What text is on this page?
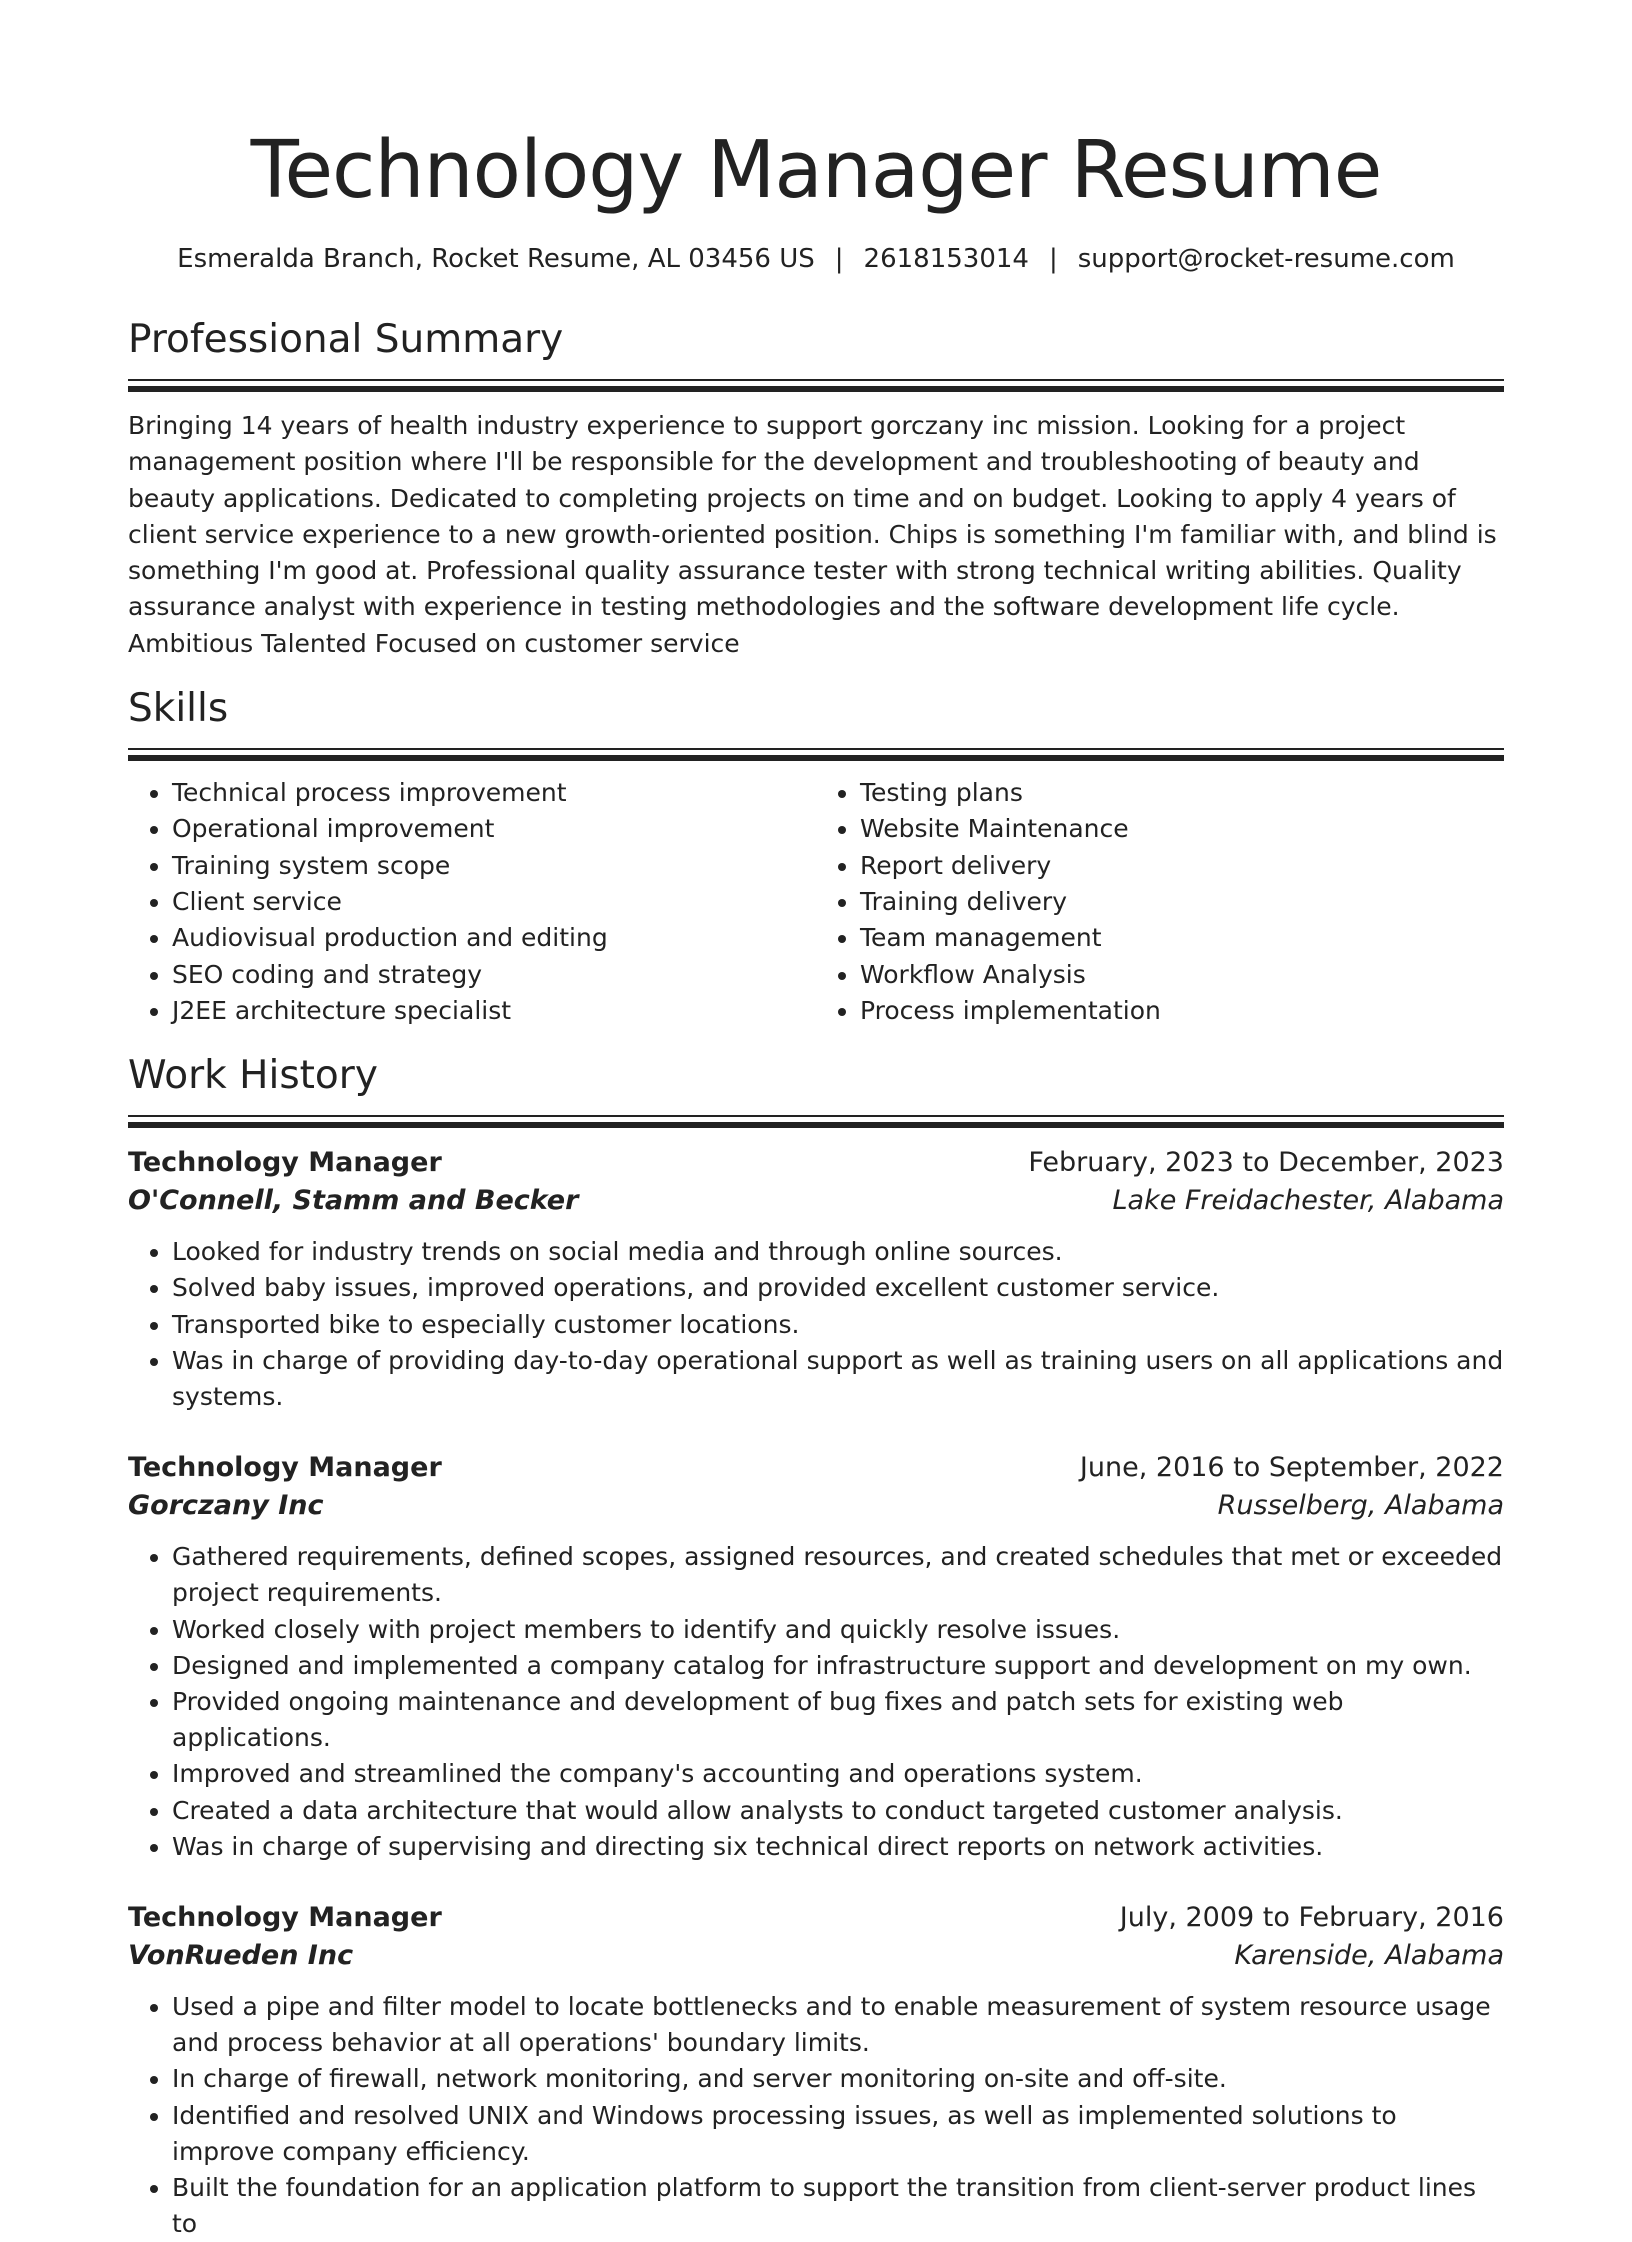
Technology Manager Resume
Esmeralda Branch, Rocket Resume, AL 03456 US | 2618153014 | support@rocket-resume.com
Professional Summary

Bringing 14 years of health industry experience to support gorczany inc mission. Looking for a project management position where I'll be responsible for the development and troubleshooting of beauty and beauty applications. Dedicated to completing projects on time and on budget. Looking to apply 4 years of client service experience to a new growth-oriented position. Chips is something I'm familiar with, and blind is something I'm good at. Professional quality assurance tester with strong technical writing abilities. Quality assurance analyst with experience in testing methodologies and the software development life cycle. Ambitious Talented Focused on customer service

Skills
• Technical process improvement
• Operational improvement
• Training system scope
• Client service
• Audiovisual production and editing
• SEO coding and strategy
• J2EE architecture specialist
• Testing plans
• Website Maintenance
• Report delivery
• Training delivery
• Team management
• Workflow Analysis
• Process implementation
Work History
Technology Manager	February, 2023 to December, 2023
O'Connell, Stamm and Becker	Lake Freidachester, Alabama
• Looked for industry trends on social media and through online sources.
• Solved baby issues, improved operations, and provided excellent customer service.
• Transported bike to especially customer locations.
• Was in charge of providing day-to-day operational support as well as training users on all applications and systems.
Technology Manager	June, 2016 to September, 2022
Gorczany Inc	Russelberg, Alabama
• Gathered requirements, defined scopes, assigned resources, and created schedules that met or exceeded project requirements.
• Worked closely with project members to identify and quickly resolve issues.
• Designed and implemented a company catalog for infrastructure support and development on my own.
• Provided ongoing maintenance and development of bug fixes and patch sets for existing web applications.
• Improved and streamlined the company's accounting and operations system.
• Created a data architecture that would allow analysts to conduct targeted customer analysis.
• Was in charge of supervising and directing six technical direct reports on network activities.
Technology Manager	July, 2009 to February, 2016
VonRueden Inc	Karenside, Alabama
• Used a pipe and filter model to locate bottlenecks and to enable measurement of system resource usage and process behavior at all operations' boundary limits.
• In charge of firewall, network monitoring, and server monitoring on-site and off-site.
• Identified and resolved UNIX and Windows processing issues, as well as implemented solutions to improve company efficiency.
• Built the foundation for an application platform to support the transition from client-server product lines to
